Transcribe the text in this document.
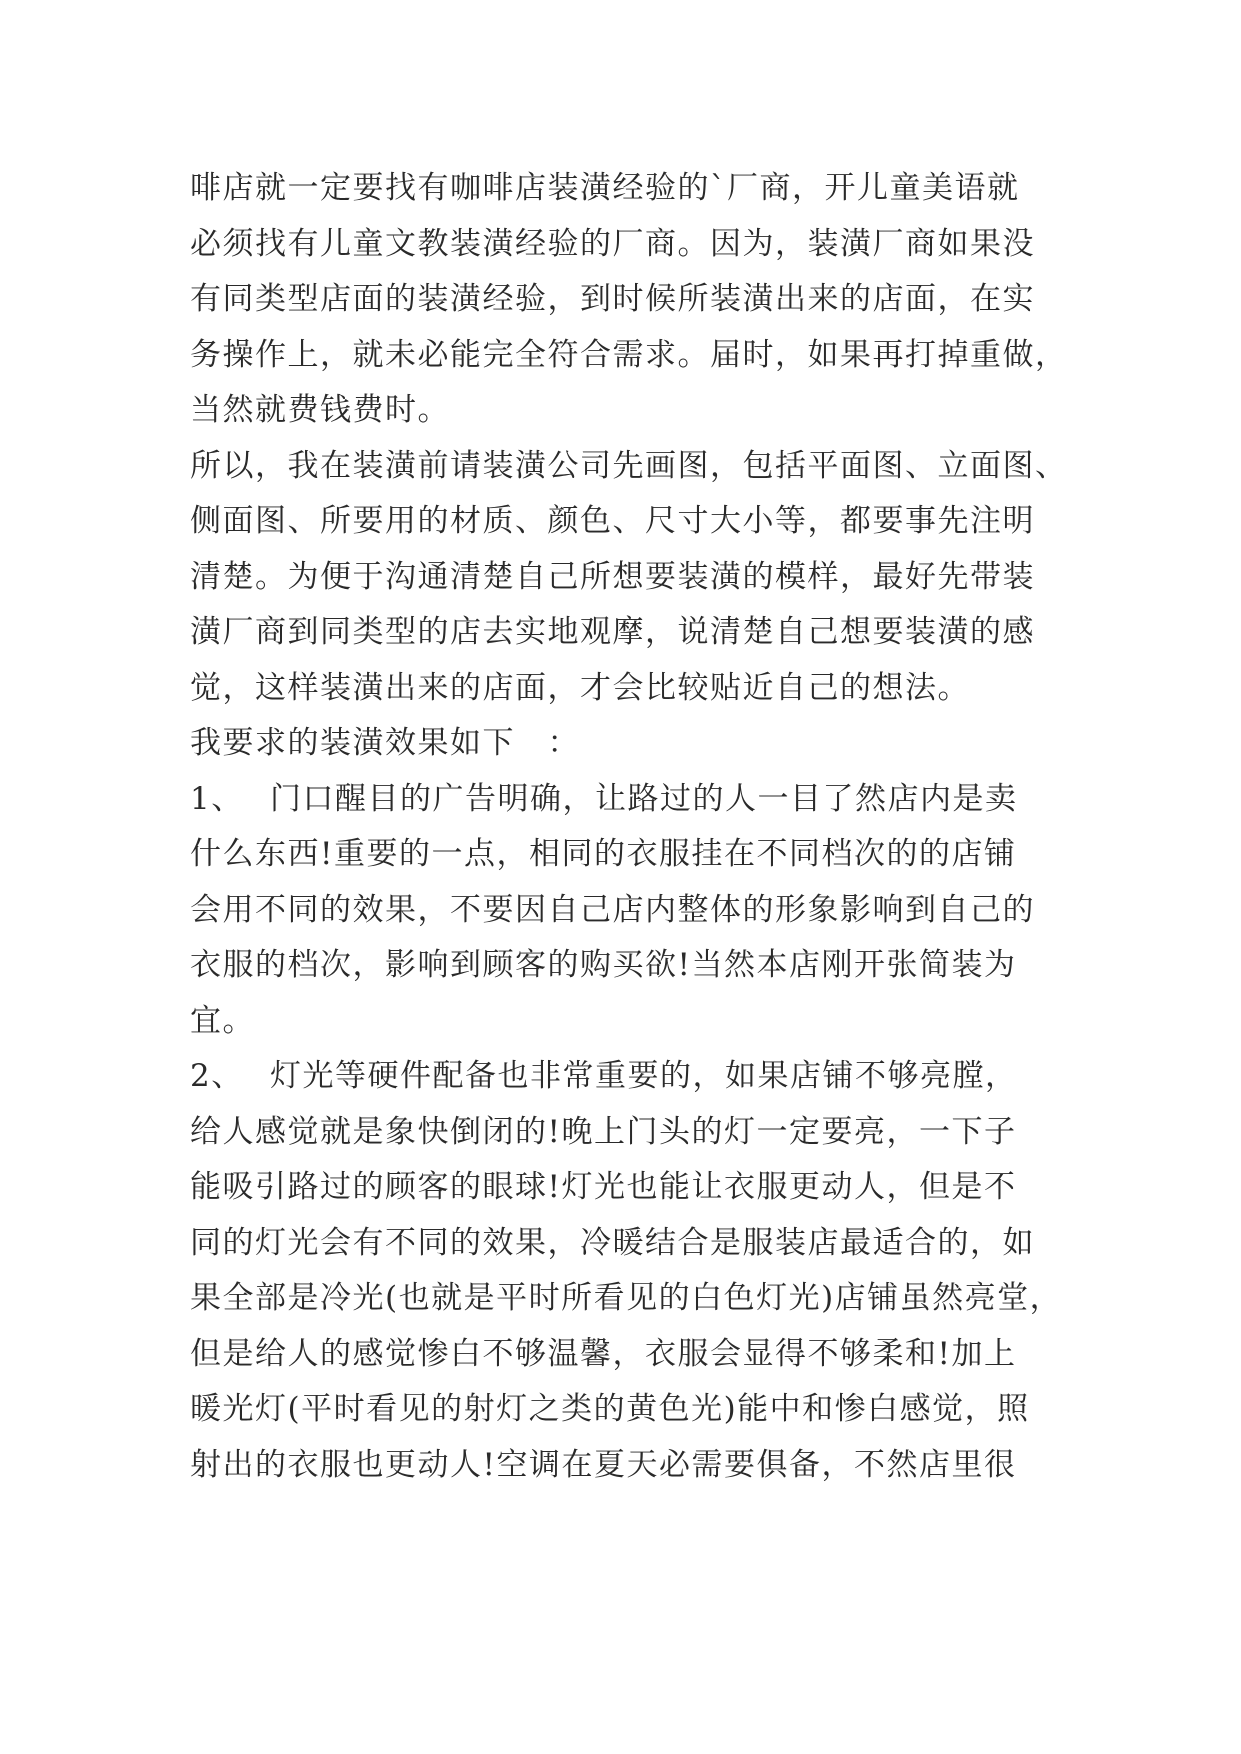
啡店就一定要找有咖啡店装潢经验的`厂商，开儿童美语就
必须找有儿童文教装潢经验的厂商。因为，装潢厂商如果没
有同类型店面的装潢经验，到时候所装潢出来的店面，在实
务操作上，就未必能完全符合需求。届时，如果再打掉重做，
当然就费钱费时。
所以，我在装潢前请装潢公司先画图，包括平面图、立面图、
侧面图、所要用的材质、颜色、尺寸大小等，都要事先注明
清楚。为便于沟通清楚自己所想要装潢的模样，最好先带装
潢厂商到同类型的店去实地观摩，说清楚自己想要装潢的感
觉，这样装潢出来的店面，才会比较贴近自己的想法。
我要求的装潢效果如下　：
1、 门口醒目的广告明确，让路过的人一目了然店内是卖
什么东西!重要的一点，相同的衣服挂在不同档次的的店铺
会用不同的效果，不要因自己店内整体的形象影响到自己的
衣服的档次，影响到顾客的购买欲!当然本店刚开张简装为
宜。
2、 灯光等硬件配备也非常重要的，如果店铺不够亮膛，
给人感觉就是象快倒闭的!晚上门头的灯一定要亮，一下子
能吸引路过的顾客的眼球!灯光也能让衣服更动人，但是不
同的灯光会有不同的效果，冷暖结合是服装店最适合的，如
果全部是冷光(也就是平时所看见的白色灯光)店铺虽然亮堂，
但是给人的感觉惨白不够温馨，衣服会显得不够柔和!加上
暖光灯(平时看见的射灯之类的黄色光)能中和惨白感觉，照
射出的衣服也更动人!空调在夏天必需要俱备，不然店里很
